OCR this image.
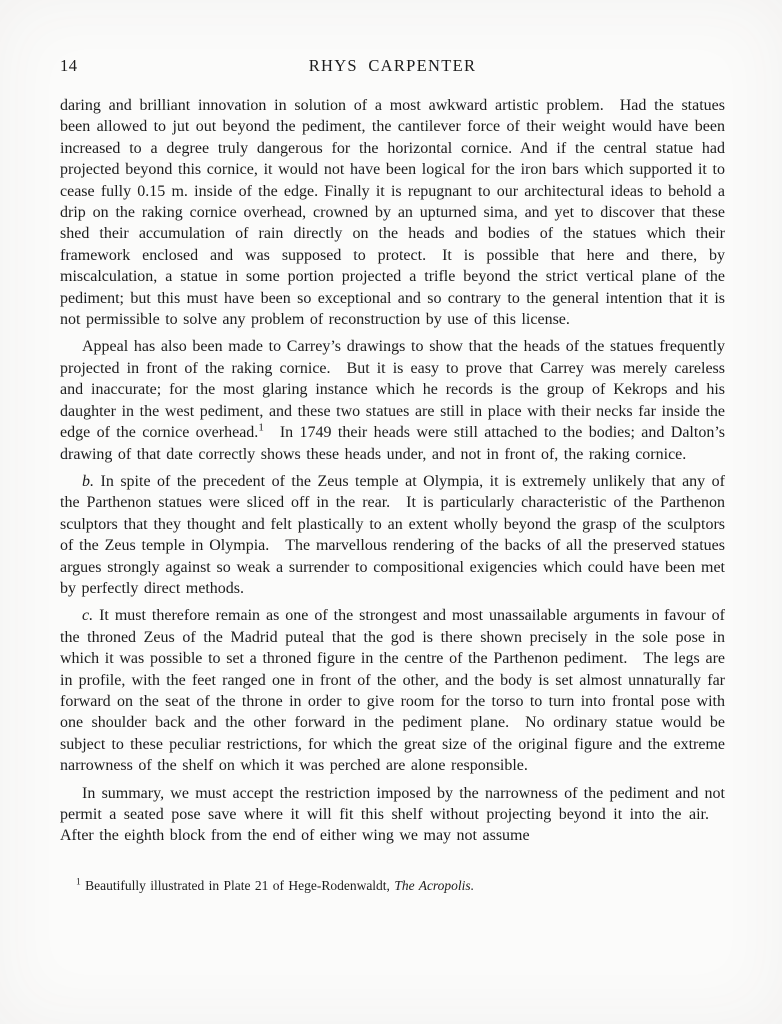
14	RHYS CARPENTER

daring and brilliant innovation in solution of a most awkward artistic problem. Had the statues been allowed to jut out beyond the pediment, the cantilever force of their weight would have been increased to a degree truly dangerous for the horizontal cornice. And if the central statue had projected beyond this cornice, it would not have been logical for the iron bars which supported it to cease fully 0.15 m. inside of the edge. Finally it is repugnant to our architectural ideas to behold a drip on the raking cornice overhead, crowned by an upturned sima, and yet to discover that these shed their accumulation of rain directly on the heads and bodies of the statues which their framework enclosed and was supposed to protect. It is possible that here and there, by miscalculation, a statue in some portion projected a trifle beyond the strict vertical plane of the pediment; but this must have been so exceptional and so contrary to the general intention that it is not permissible to solve any problem of reconstruction by use of this license.

Appeal has also been made to Carrey’s drawings to show that the heads of the statues frequently projected in front of the raking cornice. But it is easy to prove that Carrey was merely careless and inaccurate; for the most glaring instance which he records is the group of Kekrops and his daughter in the west pediment, and these two statues are still in place with their necks far inside the edge of the cornice overhead.$^1$ In 1749 their heads were still attached to the bodies; and Dalton’s drawing of that date correctly shows these heads under, and not in front of, the raking cornice.

b. In spite of the precedent of the Zeus temple at Olympia, it is extremely unlikely that any of the Parthenon statues were sliced off in the rear. It is particularly characteristic of the Parthenon sculptors that they thought and felt plastically to an extent wholly beyond the grasp of the sculptors of the Zeus temple in Olympia. The marvellous rendering of the backs of all the preserved statues argues strongly against so weak a surrender to compositional exigencies which could have been met by perfectly direct methods.

c. It must therefore remain as one of the strongest and most unassailable arguments in favour of the throned Zeus of the Madrid puteal that the god is there shown precisely in the sole pose in which it was possible to set a throned figure in the centre of the Parthenon pediment. The legs are in profile, with the feet ranged one in front of the other, and the body is set almost unnaturally far forward on the seat of the throne in order to give room for the torso to turn into frontal pose with one shoulder back and the other forward in the pediment plane. No ordinary statue would be subject to these peculiar restrictions, for which the great size of the original figure and the extreme narrowness of the shelf on which it was perched are alone responsible.

In summary, we must accept the restriction imposed by the narrowness of the pediment and not permit a seated pose save where it will fit this shelf without projecting beyond it into the air. After the eighth block from the end of either wing we may not assume

$^1$ Beautifully illustrated in Plate 21 of Hege-Rodenwaldt, The Acropolis.
